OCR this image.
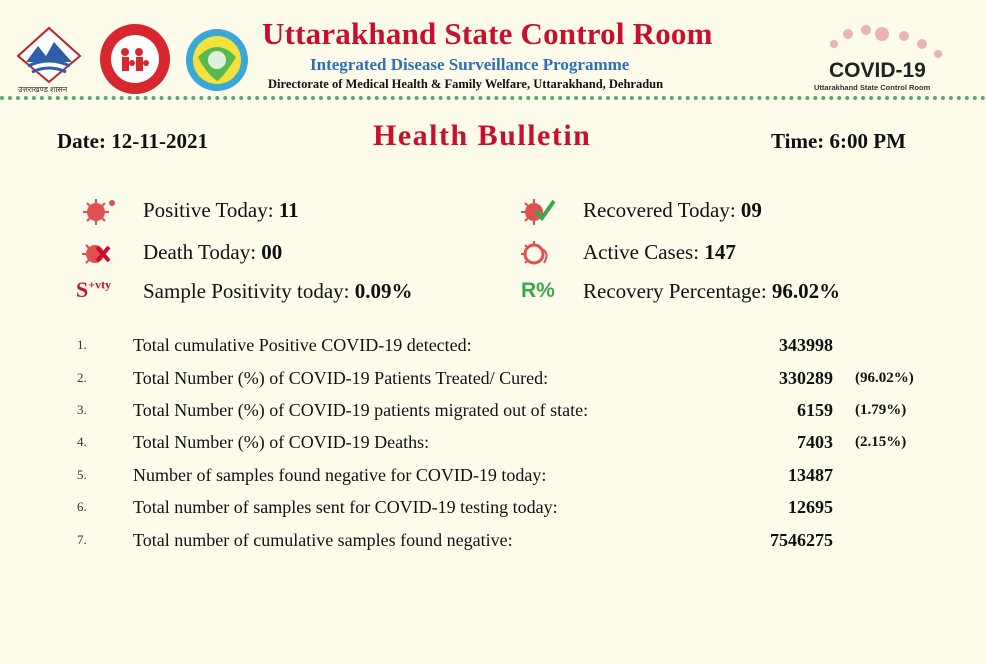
उत्तराखण्ड शासन
COVID-19
Uttarakhand State Control Room
Uttarakhand State Control Room
Integrated Disease Surveillance Programme
Directorate of Medical Health & Family Welfare, Uttarakhand, Dehradun
Date: 12-11-2021	Health Bulletin	Time: 6:00 PM
Positive Today: 11	Recovered Today: 09
Death Today: 00	Active Cases: 147
$S^{+vty}$ Sample Positivity today: 0.09%	R% Recovery Percentage: 96.02%
1.	Total cumulative Positive COVID-19 detected:	343998
2.	Total Number (%) of COVID-19 Patients Treated/ Cured:	330289 (96.02%)
3.	Total Number (%) of COVID-19 patients migrated out of state:	6159 (1.79%)
4.	Total Number (%) of COVID-19 Deaths:	7403 (2.15%)
5.	Number of samples found negative for COVID-19 today:	13487
6.	Total number of samples sent for COVID-19 testing today:	12695
7.	Total number of cumulative samples found negative:	7546275
